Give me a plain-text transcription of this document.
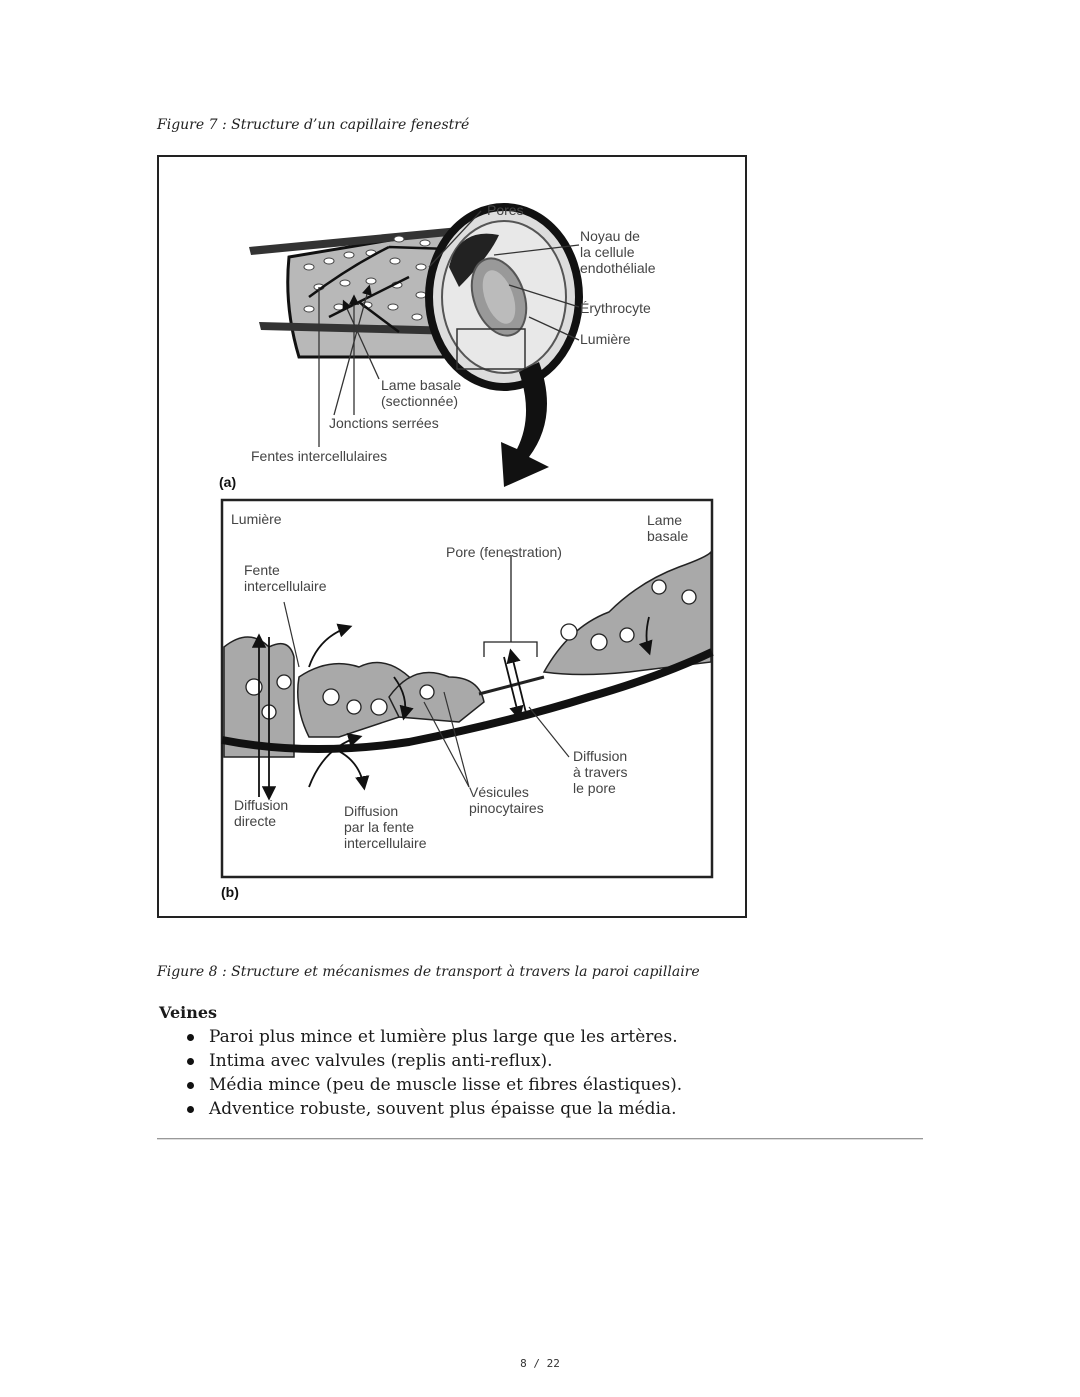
Figure 7 : Structure d’un capillaire fenestré
Pores
Noyau de
la cellule
endothéliale
Érythrocyte
Lumière
Lame basale
(sectionnée)
Jonctions serrées
Fentes intercellulaires
(a)
Lumière	Lame
basale
Pore (fenestration)
Fente
intercellulaire
Diffusion
directe
Diffusion
par la fente
intercellulaire
Vésicules
pinocytaires
Diffusion
à travers
le pore
(b)
Figure 8 : Structure et mécanismes de transport à travers la paroi capillaire
Veines
Paroi plus mince et lumière plus large que les artères.
Intima avec valvules (replis anti-reflux).
Média mince (peu de muscle lisse et fibres élastiques).
Adventice robuste, souvent plus épaisse que la média.
8 / 22
